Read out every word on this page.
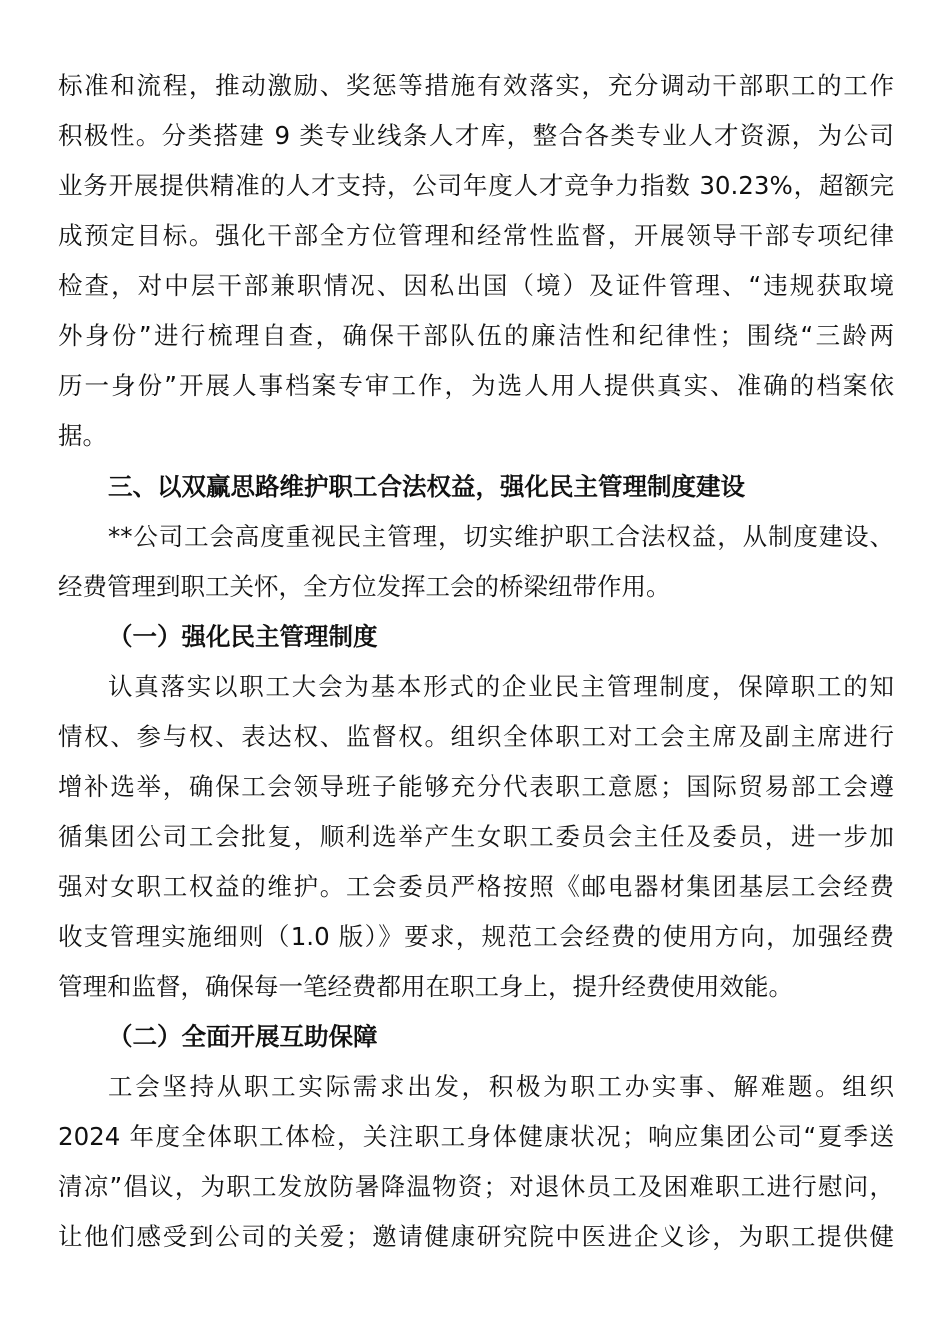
标准和流程，推动激励、奖惩等措施有效落实，充分调动干部职工的工作
积极性。分类搭建 9 类专业线条人才库，整合各类专业人才资源，为公司
业务开展提供精准的人才支持，公司年度人才竞争力指数 30.23%，超额完
成预定目标。强化干部全方位管理和经常性监督，开展领导干部专项纪律
检查，对中层干部兼职情况、因私出国（境）及证件管理、“违规获取境
外身份”进行梳理自查，确保干部队伍的廉洁性和纪律性；围绕“三龄两
历一身份”开展人事档案专审工作，为选人用人提供真实、准确的档案依
据。
三、以双赢思路维护职工合法权益，强化民主管理制度建设
**公司工会高度重视民主管理，切实维护职工合法权益，从制度建设、
经费管理到职工关怀，全方位发挥工会的桥梁纽带作用。
（一）强化民主管理制度
认真落实以职工大会为基本形式的企业民主管理制度，保障职工的知
情权、参与权、表达权、监督权。组织全体职工对工会主席及副主席进行
增补选举，确保工会领导班子能够充分代表职工意愿；国际贸易部工会遵
循集团公司工会批复，顺利选举产生女职工委员会主任及委员，进一步加
强对女职工权益的维护。工会委员严格按照《邮电器材集团基层工会经费
收支管理实施细则（1.0 版）》要求，规范工会经费的使用方向，加强经费
管理和监督，确保每一笔经费都用在职工身上，提升经费使用效能。
（二）全面开展互助保障
工会坚持从职工实际需求出发，积极为职工办实事、解难题。组织
2024 年度全体职工体检，关注职工身体健康状况；响应集团公司“夏季送
清凉”倡议，为职工发放防暑降温物资；对退休员工及困难职工进行慰问，
让他们感受到公司的关爱；邀请健康研究院中医进企义诊，为职工提供健
